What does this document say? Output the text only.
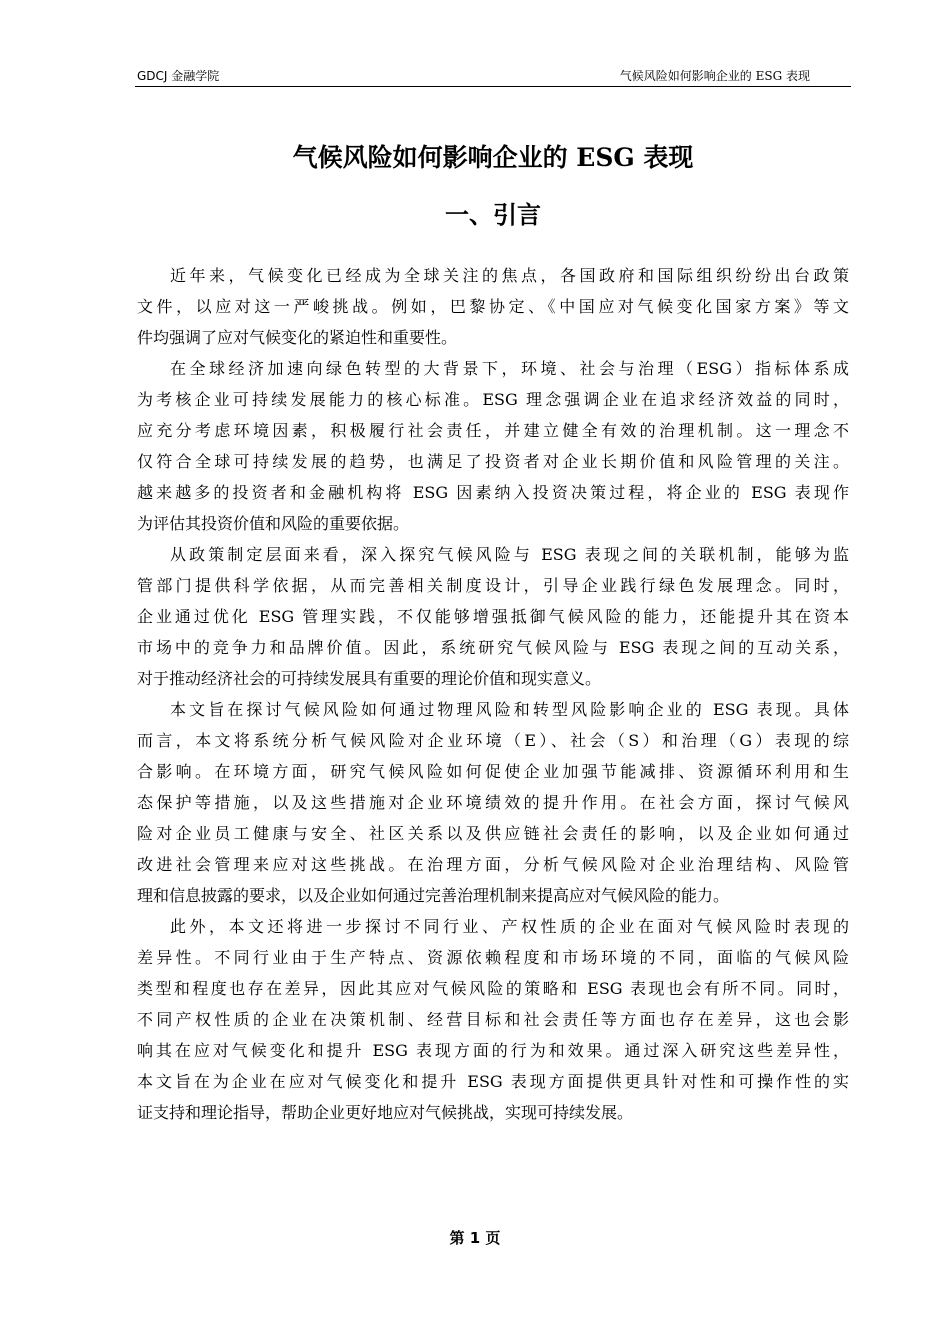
GDCJ 金融学院	气候风险如何影响企业的 ESG 表现
气候风险如何影响企业的 ESG 表现
一、引言
近年来，气候变化已经成为全球关注的焦点，各国政府和国际组织纷纷出台政策
文件，以应对这一严峻挑战。例如，巴黎协定、《中国应对气候变化国家方案》等文
件均强调了应对气候变化的紧迫性和重要性。
在全球经济加速向绿色转型的大背景下，环境、社会与治理（ESG）指标体系成
为考核企业可持续发展能力的核心标准。ESG 理念强调企业在追求经济效益的同时，
应充分考虑环境因素，积极履行社会责任，并建立健全有效的治理机制。这一理念不
仅符合全球可持续发展的趋势，也满足了投资者对企业长期价值和风险管理的关注。
越来越多的投资者和金融机构将 ESG 因素纳入投资决策过程，将企业的 ESG 表现作
为评估其投资价值和风险的重要依据。
从政策制定层面来看，深入探究气候风险与 ESG 表现之间的关联机制，能够为监
管部门提供科学依据，从而完善相关制度设计，引导企业践行绿色发展理念。同时，
企业通过优化 ESG 管理实践，不仅能够增强抵御气候风险的能力，还能提升其在资本
市场中的竞争力和品牌价值。因此，系统研究气候风险与 ESG 表现之间的互动关系，
对于推动经济社会的可持续发展具有重要的理论价值和现实意义。
本文旨在探讨气候风险如何通过物理风险和转型风险影响企业的 ESG 表现。具体
而言，本文将系统分析气候风险对企业环境（E）、社会（S）和治理（G）表现的综
合影响。在环境方面，研究气候风险如何促使企业加强节能减排、资源循环利用和生
态保护等措施，以及这些措施对企业环境绩效的提升作用。在社会方面，探讨气候风
险对企业员工健康与安全、社区关系以及供应链社会责任的影响，以及企业如何通过
改进社会管理来应对这些挑战。在治理方面，分析气候风险对企业治理结构、风险管
理和信息披露的要求，以及企业如何通过完善治理机制来提高应对气候风险的能力。
此外，本文还将进一步探讨不同行业、产权性质的企业在面对气候风险时表现的
差异性。不同行业由于生产特点、资源依赖程度和市场环境的不同，面临的气候风险
类型和程度也存在差异，因此其应对气候风险的策略和 ESG 表现也会有所不同。同时，
不同产权性质的企业在决策机制、经营目标和社会责任等方面也存在差异，这也会影
响其在应对气候变化和提升 ESG 表现方面的行为和效果。通过深入研究这些差异性，
本文旨在为企业在应对气候变化和提升 ESG 表现方面提供更具针对性和可操作性的实
证支持和理论指导，帮助企业更好地应对气候挑战，实现可持续发展。
第 1 页
